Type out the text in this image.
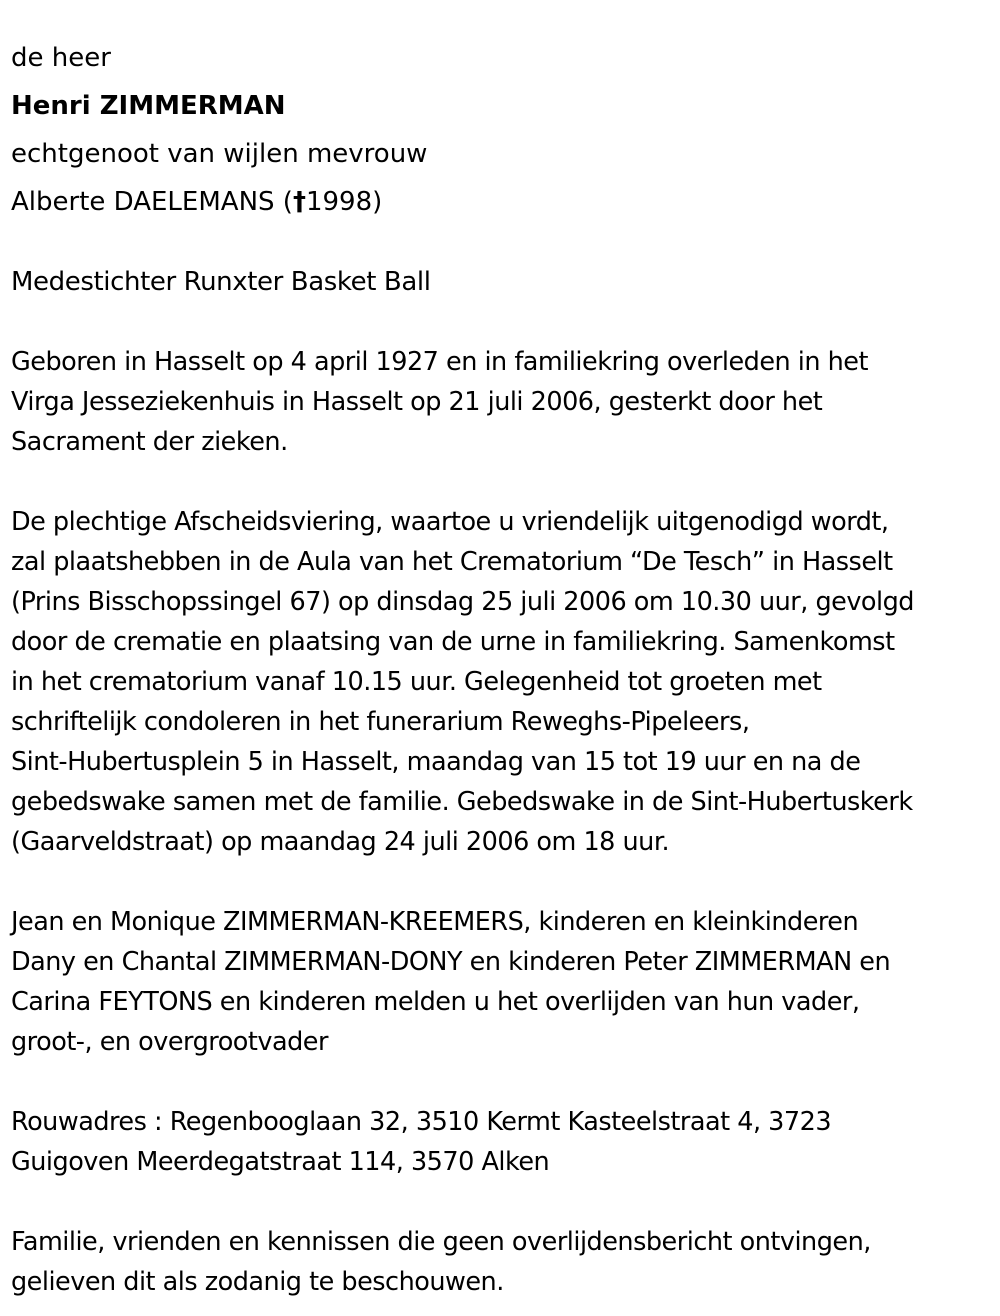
de heer

Henri ZIMMERMAN

echtgenoot van wijlen mevrouw

Alberte DAELEMANS (†1998)

Medestichter Runxter Basket Ball

Geboren in Hasselt op 4 april 1927 en in familiekring overleden in het
Virga Jesseziekenhuis in Hasselt op 21 juli 2006, gesterkt door het
Sacrament der zieken.

De plechtige Afscheidsviering, waartoe u vriendelijk uitgenodigd wordt,
zal plaatshebben in de Aula van het Crematorium “De Tesch” in Hasselt
(Prins Bisschopssingel 67) op dinsdag 25 juli 2006 om 10.30 uur, gevolgd
door de crematie en plaatsing van de urne in familiekring. Samenkomst
in het crematorium vanaf 10.15 uur. Gelegenheid tot groeten met
schriftelijk condoleren in het funerarium Reweghs-Pipeleers,
Sint-Hubertusplein 5 in Hasselt, maandag van 15 tot 19 uur en na de
gebedswake samen met de familie. Gebedswake in de Sint-Hubertuskerk
(Gaarveldstraat) op maandag 24 juli 2006 om 18 uur.

Jean en Monique ZIMMERMAN-KREEMERS, kinderen en kleinkinderen
Dany en Chantal ZIMMERMAN-DONY en kinderen Peter ZIMMERMAN en
Carina FEYTONS en kinderen melden u het overlijden van hun vader,
groot-, en overgrootvader

Rouwadres : Regenbooglaan 32, 3510 Kermt Kasteelstraat 4, 3723
Guigoven Meerdegatstraat 114, 3570 Alken

Familie, vrienden en kennissen die geen overlijdensbericht ontvingen,
gelieven dit als zodanig te beschouwen.
